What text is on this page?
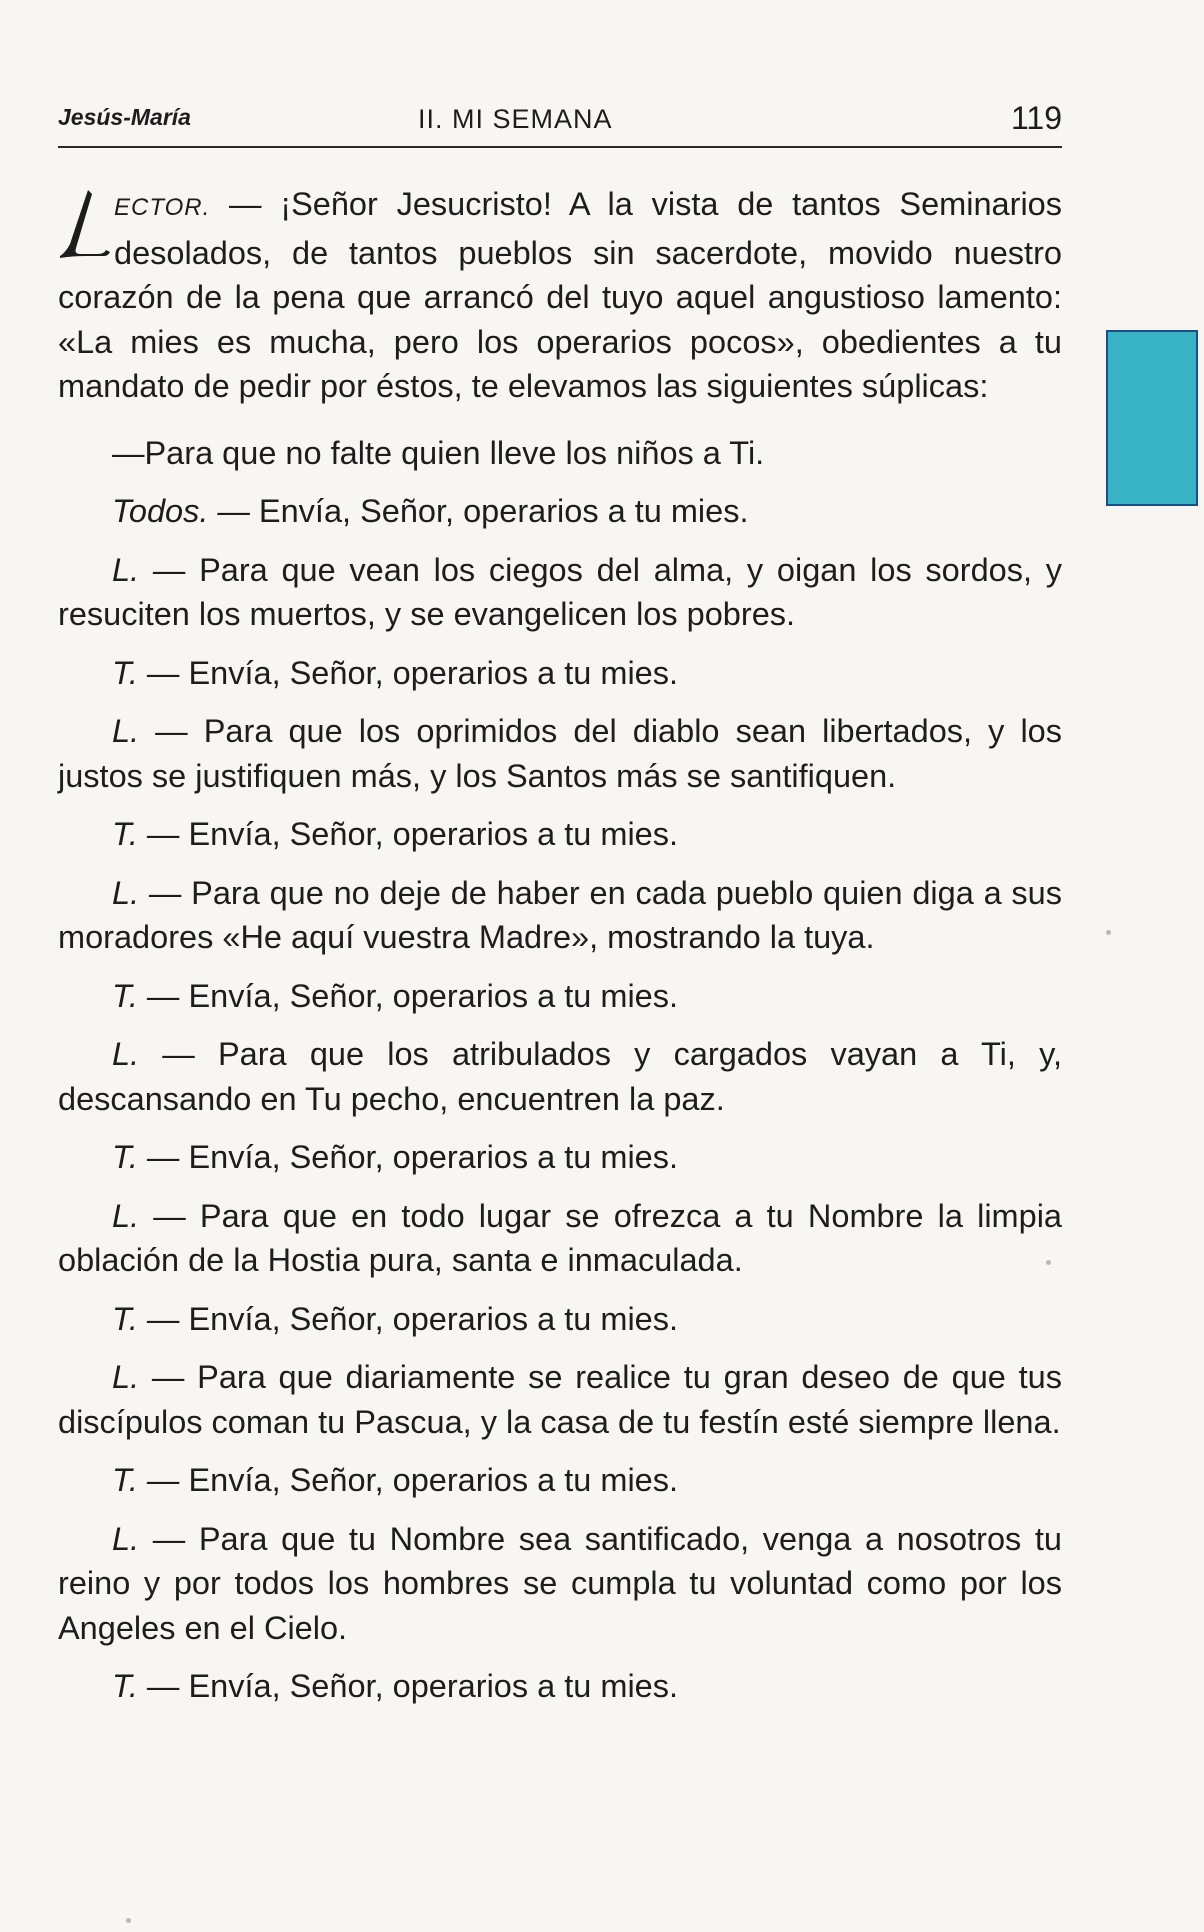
Jesús-María	II. MI SEMANA	119

ECTOR. — ¡Señor Jesucristo! A la vista de tantos Seminarios desolados, de tantos pueblos sin sacerdote, movido nuestro corazón de la pena que arrancó del tuyo aquel angustioso lamento: «La mies es mucha, pero los operarios pocos», obedientes a tu mandato de pedir por éstos, te elevamos las siguientes súplicas:

—Para que no falte quien lleve los niños a Ti.

Todos. — Envía, Señor, operarios a tu mies.

L. — Para que vean los ciegos del alma, y oigan los sordos, y resuciten los muertos, y se evangelicen los pobres.

T. — Envía, Señor, operarios a tu mies.

L. — Para que los oprimidos del diablo sean libertados, y los justos se justifiquen más, y los Santos más se santifiquen.

T. — Envía, Señor, operarios a tu mies.

L. — Para que no deje de haber en cada pueblo quien diga a sus moradores «He aquí vuestra Madre», mostrando la tuya.

T. — Envía, Señor, operarios a tu mies.

L. — Para que los atribulados y cargados vayan a Ti, y, descansando en Tu pecho, encuentren la paz.

T. — Envía, Señor, operarios a tu mies.

L. — Para que en todo lugar se ofrezca a tu Nombre la limpia oblación de la Hostia pura, santa e inmaculada.

T. — Envía, Señor, operarios a tu mies.

L. — Para que diariamente se realice tu gran deseo de que tus discípulos coman tu Pascua, y la casa de tu festín esté siempre llena.

T. — Envía, Señor, operarios a tu mies.

L. — Para que tu Nombre sea santificado, venga a nosotros tu reino y por todos los hombres se cumpla tu voluntad como por los Angeles en el Cielo.

T. — Envía, Señor, operarios a tu mies.
